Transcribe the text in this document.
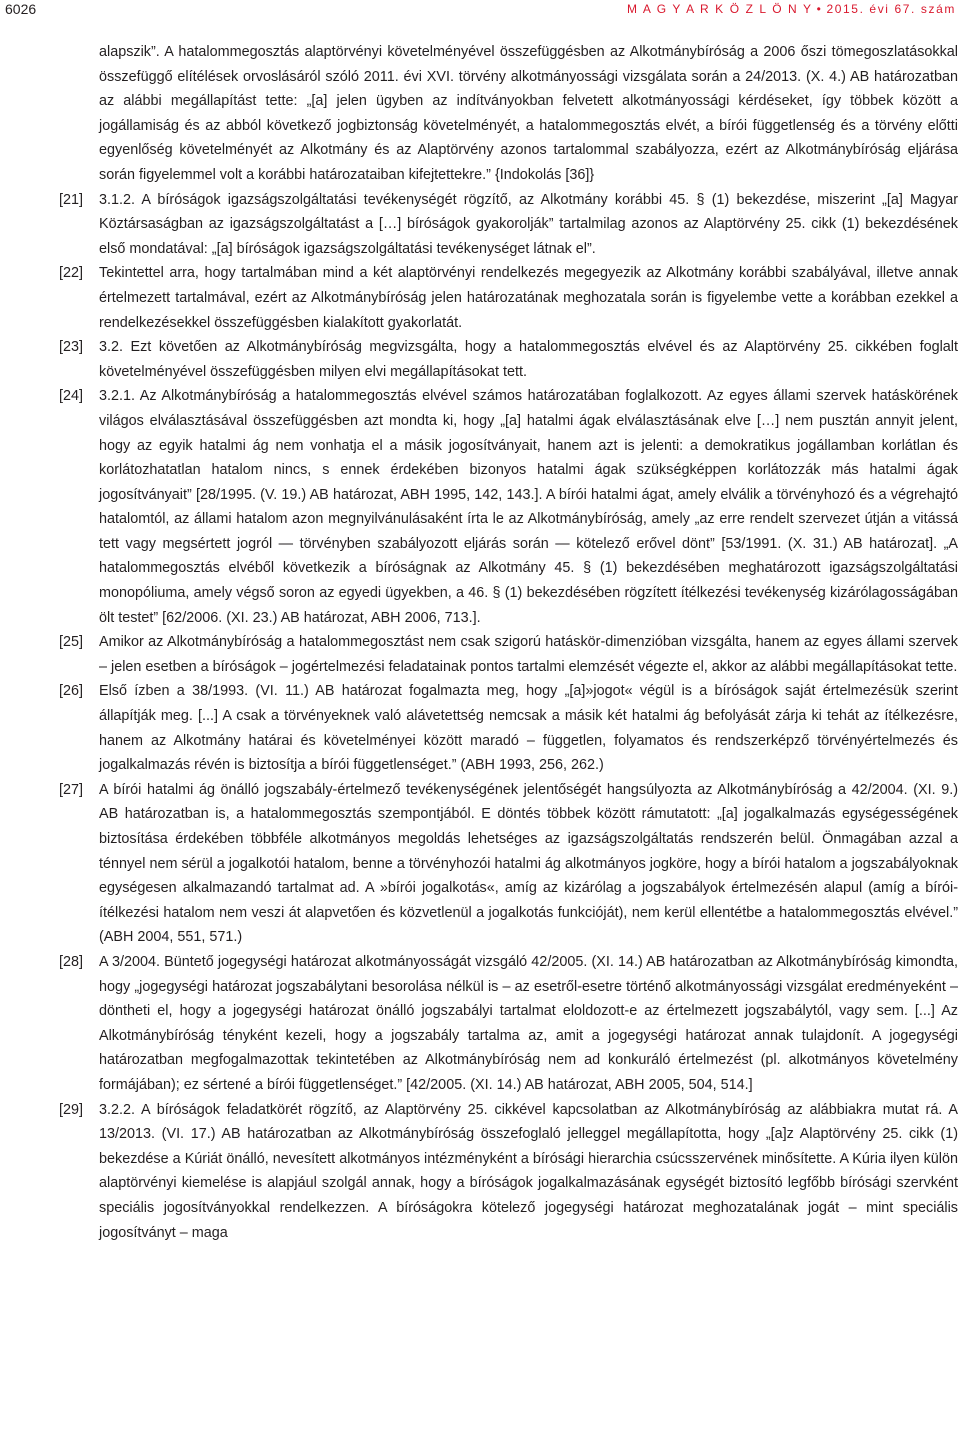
6026	M A G Y A R K Ö Z L Ö N Y • 2015. évi 67. szám
alapszik”. A hatalommegosztás alaptörvényi követelményével összefüggésben az Alkotmánybíróság a 2006 őszi tömegoszlatásokkal összefüggő elítélések orvoslásáról szóló 2011. évi XVI. törvény alkotmányossági vizsgálata során a 24/2013. (X. 4.) AB határozatban az alábbi megállapítást tette: „[a] jelen ügyben az indítványokban felvetett alkotmányossági kérdéseket, így többek között a jogállamiság és az abból következő jogbiztonság követelményét, a hatalommegosztás elvét, a bírói függetlenség és a törvény előtti egyenlőség követelményét az Alkotmány és az Alaptörvény azonos tartalommal szabályozza, ezért az Alkotmánybíróság eljárása során figyelemmel volt a korábbi határozataiban kifejtettekre.” {Indokolás [36]}
[21]	3.1.2. A bíróságok igazságszolgáltatási tevékenységét rögzítő, az Alkotmány korábbi 45. § (1) bekezdése, miszerint „[a] Magyar Köztársaságban az igazságszolgáltatást a […] bíróságok gyakorolják” tartalmilag azonos az Alaptörvény 25. cikk (1) bekezdésének első mondatával: „[a] bíróságok igazságszolgáltatási tevékenységet látnak el”.
[22]	Tekintettel arra, hogy tartalmában mind a két alaptörvényi rendelkezés megegyezik az Alkotmány korábbi szabályával, illetve annak értelmezett tartalmával, ezért az Alkotmánybíróság jelen határozatának meghozatala során is figyelembe vette a korábban ezekkel a rendelkezésekkel összefüggésben kialakított gyakorlatát.
[23]	3.2. Ezt követően az Alkotmánybíróság megvizsgálta, hogy a hatalommegosztás elvével és az Alaptörvény 25. cikkében foglalt követelményével összefüggésben milyen elvi megállapításokat tett.
[24]	3.2.1. Az Alkotmánybíróság a hatalommegosztás elvével számos határozatában foglalkozott. Az egyes állami szervek hatáskörének világos elválasztásával összefüggésben azt mondta ki, hogy „[a] hatalmi ágak elválasztásának elve […] nem pusztán annyit jelent, hogy az egyik hatalmi ág nem vonhatja el a másik jogosítványait, hanem azt is jelenti: a demokratikus jogállamban korlátlan és korlátozhatatlan hatalom nincs, s ennek érdekében bizonyos hatalmi ágak szükségképpen korlátozzák más hatalmi ágak jogosítványait” [28/1995. (V. 19.) AB határozat, ABH 1995, 142, 143.]. A bírói hatalmi ágat, amely elválik a törvényhozó és a végrehajtó hatalomtól, az állami hatalom azon megnyilvánulásaként írta le az Alkotmánybíróság, amely „az erre rendelt szervezet útján a vitássá tett vagy megsértett jogról — törvényben szabályozott eljárás során — kötelező erővel dönt” [53/1991. (X. 31.) AB határozat]. „A hatalommegosztás elvéből következik a bíróságnak az Alkotmány 45. § (1) bekezdésében meghatározott igazságszolgáltatási monopóliuma, amely végső soron az egyedi ügyekben, a 46. § (1) bekezdésében rögzített ítélkezési tevékenység kizárólagosságában ölt testet” [62/2006. (XI. 23.) AB határozat, ABH 2006, 713.].
[25]	Amikor az Alkotmánybíróság a hatalommegosztást nem csak szigorú hatáskör-dimenzióban vizsgálta, hanem az egyes állami szervek – jelen esetben a bíróságok – jogértelmezési feladatainak pontos tartalmi elemzését végezte el, akkor az alábbi megállapításokat tette.
[26]	Első ízben a 38/1993. (VI. 11.) AB határozat fogalmazta meg, hogy „[a]»jogot« végül is a bíróságok saját értelmezésük szerint állapítják meg. [...] A csak a törvényeknek való alávetettség nemcsak a másik két hatalmi ág befolyását zárja ki tehát az ítélkezésre, hanem az Alkotmány határai és követelményei között maradó – független, folyamatos és rendszerképző törvényértelmezés és jogalkalmazás révén is biztosítja a bírói függetlenséget.” (ABH 1993, 256, 262.)
[27]	A bírói hatalmi ág önálló jogszabály-értelmező tevékenységének jelentőségét hangsúlyozta az Alkotmánybíróság a 42/2004. (XI. 9.) AB határozatban is, a hatalommegosztás szempontjából. E döntés többek között rámutatott: „[a] jogalkalmazás egységességének biztosítása érdekében többféle alkotmányos megoldás lehetséges az igazságszolgáltatás rendszerén belül. Önmagában azzal a ténnyel nem sérül a jogalkotói hatalom, benne a törvényhozói hatalmi ág alkotmányos jogköre, hogy a bírói hatalom a jogszabályoknak egységesen alkalmazandó tartalmat ad. A »bírói jogalkotás«, amíg az kizárólag a jogszabályok értelmezésén alapul (amíg a bírói-ítélkezési hatalom nem veszi át alapvetően és közvetlenül a jogalkotás funkcióját), nem kerül ellentétbe a hatalommegosztás elvével.” (ABH 2004, 551, 571.)
[28]	A 3/2004. Büntető jogegységi határozat alkotmányosságát vizsgáló 42/2005. (XI. 14.) AB határozatban az Alkotmánybíróság kimondta, hogy „jogegységi határozat jogszabálytani besorolása nélkül is – az esetről-esetre történő alkotmányossági vizsgálat eredményeként – döntheti el, hogy a jogegységi határozat önálló jogszabályi tartalmat eloldozott-e az értelmezett jogszabálytól, vagy sem. [...] Az Alkotmánybíróság tényként kezeli, hogy a jogszabály tartalma az, amit a jogegységi határozat annak tulajdonít. A jogegységi határozatban megfogalmazottak tekintetében az Alkotmánybíróság nem ad konkuráló értelmezést (pl. alkotmányos követelmény formájában); ez sértené a bírói függetlenséget.” [42/2005. (XI. 14.) AB határozat, ABH 2005, 504, 514.]
[29]	3.2.2. A bíróságok feladatkörét rögzítő, az Alaptörvény 25. cikkével kapcsolatban az Alkotmánybíróság az alábbiakra mutat rá. A 13/2013. (VI. 17.) AB határozatban az Alkotmánybíróság összefoglaló jelleggel megállapította, hogy „[a]z Alaptörvény 25. cikk (1) bekezdése a Kúriát önálló, nevesített alkotmányos intézményként a bírósági hierarchia csúcsszervének minősítette. A Kúria ilyen külön alaptörvényi kiemelése is alapjául szolgál annak, hogy a bíróságok jogalkalmazásának egységét biztosító legfőbb bírósági szervként speciális jogosítványokkal rendelkezzen. A bíróságokra kötelező jogegységi határozat meghozatalának jogát – mint speciális jogosítványt – maga
